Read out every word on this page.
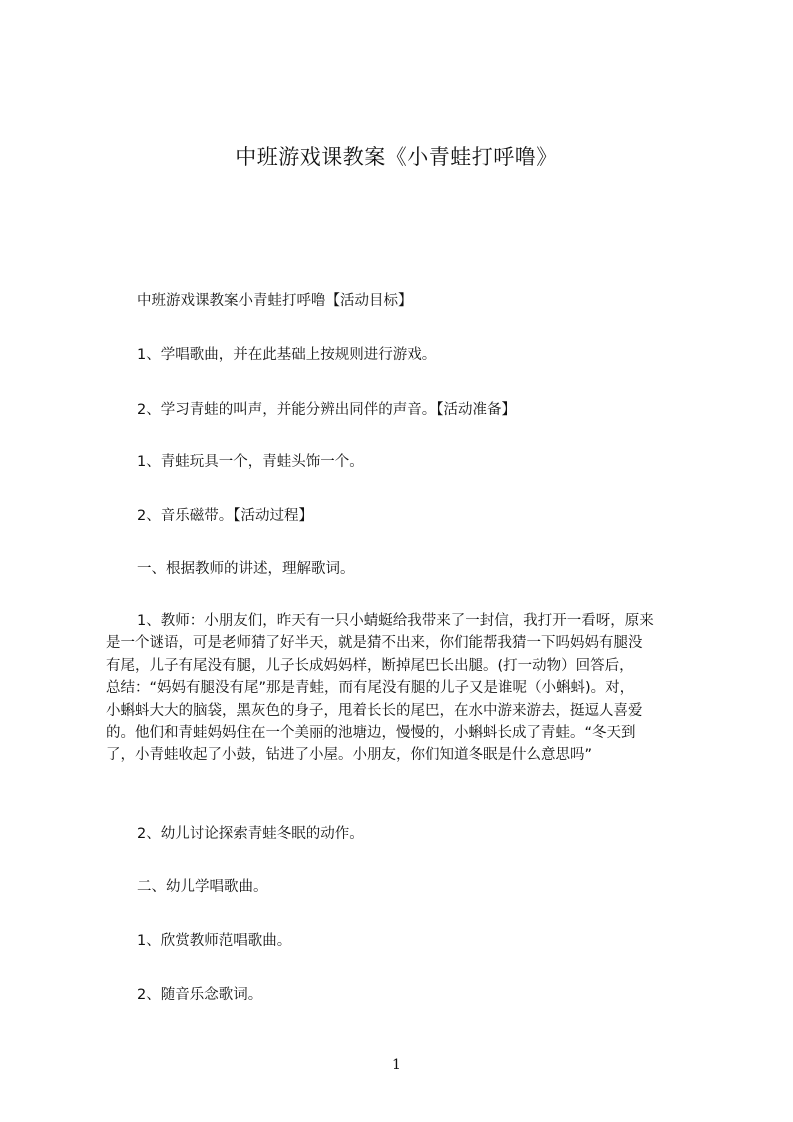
中班游戏课教案《小青蛙打呼噜》
中班游戏课教案小青蛙打呼噜【活动目标】
1、学唱歌曲，并在此基础上按规则进行游戏。
2、学习青蛙的叫声，并能分辨出同伴的声音。【活动准备】
1、青蛙玩具一个，青蛙头饰一个。
2、音乐磁带。【活动过程】
一、根据教师的讲述，理解歌词。
1、教师：小朋友们，昨天有一只小蜻蜓给我带来了一封信，我打开一看呀，原来
是一个谜语，可是老师猜了好半天，就是猜不出来，你们能帮我猜一下吗妈妈有腿没
有尾，儿子有尾没有腿，儿子长成妈妈样，断掉尾巴长出腿。(打一动物）回答后，
总结：“妈妈有腿没有尾”那是青蛙，而有尾没有腿的儿子又是谁呢（小蝌蚪)。对，
小蝌蚪大大的脑袋，黑灰色的身子，甩着长长的尾巴，在水中游来游去，挺逗人喜爱
的。他们和青蛙妈妈住在一个美丽的池塘边，慢慢的，小蝌蚪长成了青蛙。“冬天到
了，小青蛙收起了小鼓，钻进了小屋。小朋友，你们知道冬眠是什么意思吗”
2、幼儿讨论探索青蛙冬眠的动作。
二、幼儿学唱歌曲。
1、欣赏教师范唱歌曲。
2、随音乐念歌词。
1
